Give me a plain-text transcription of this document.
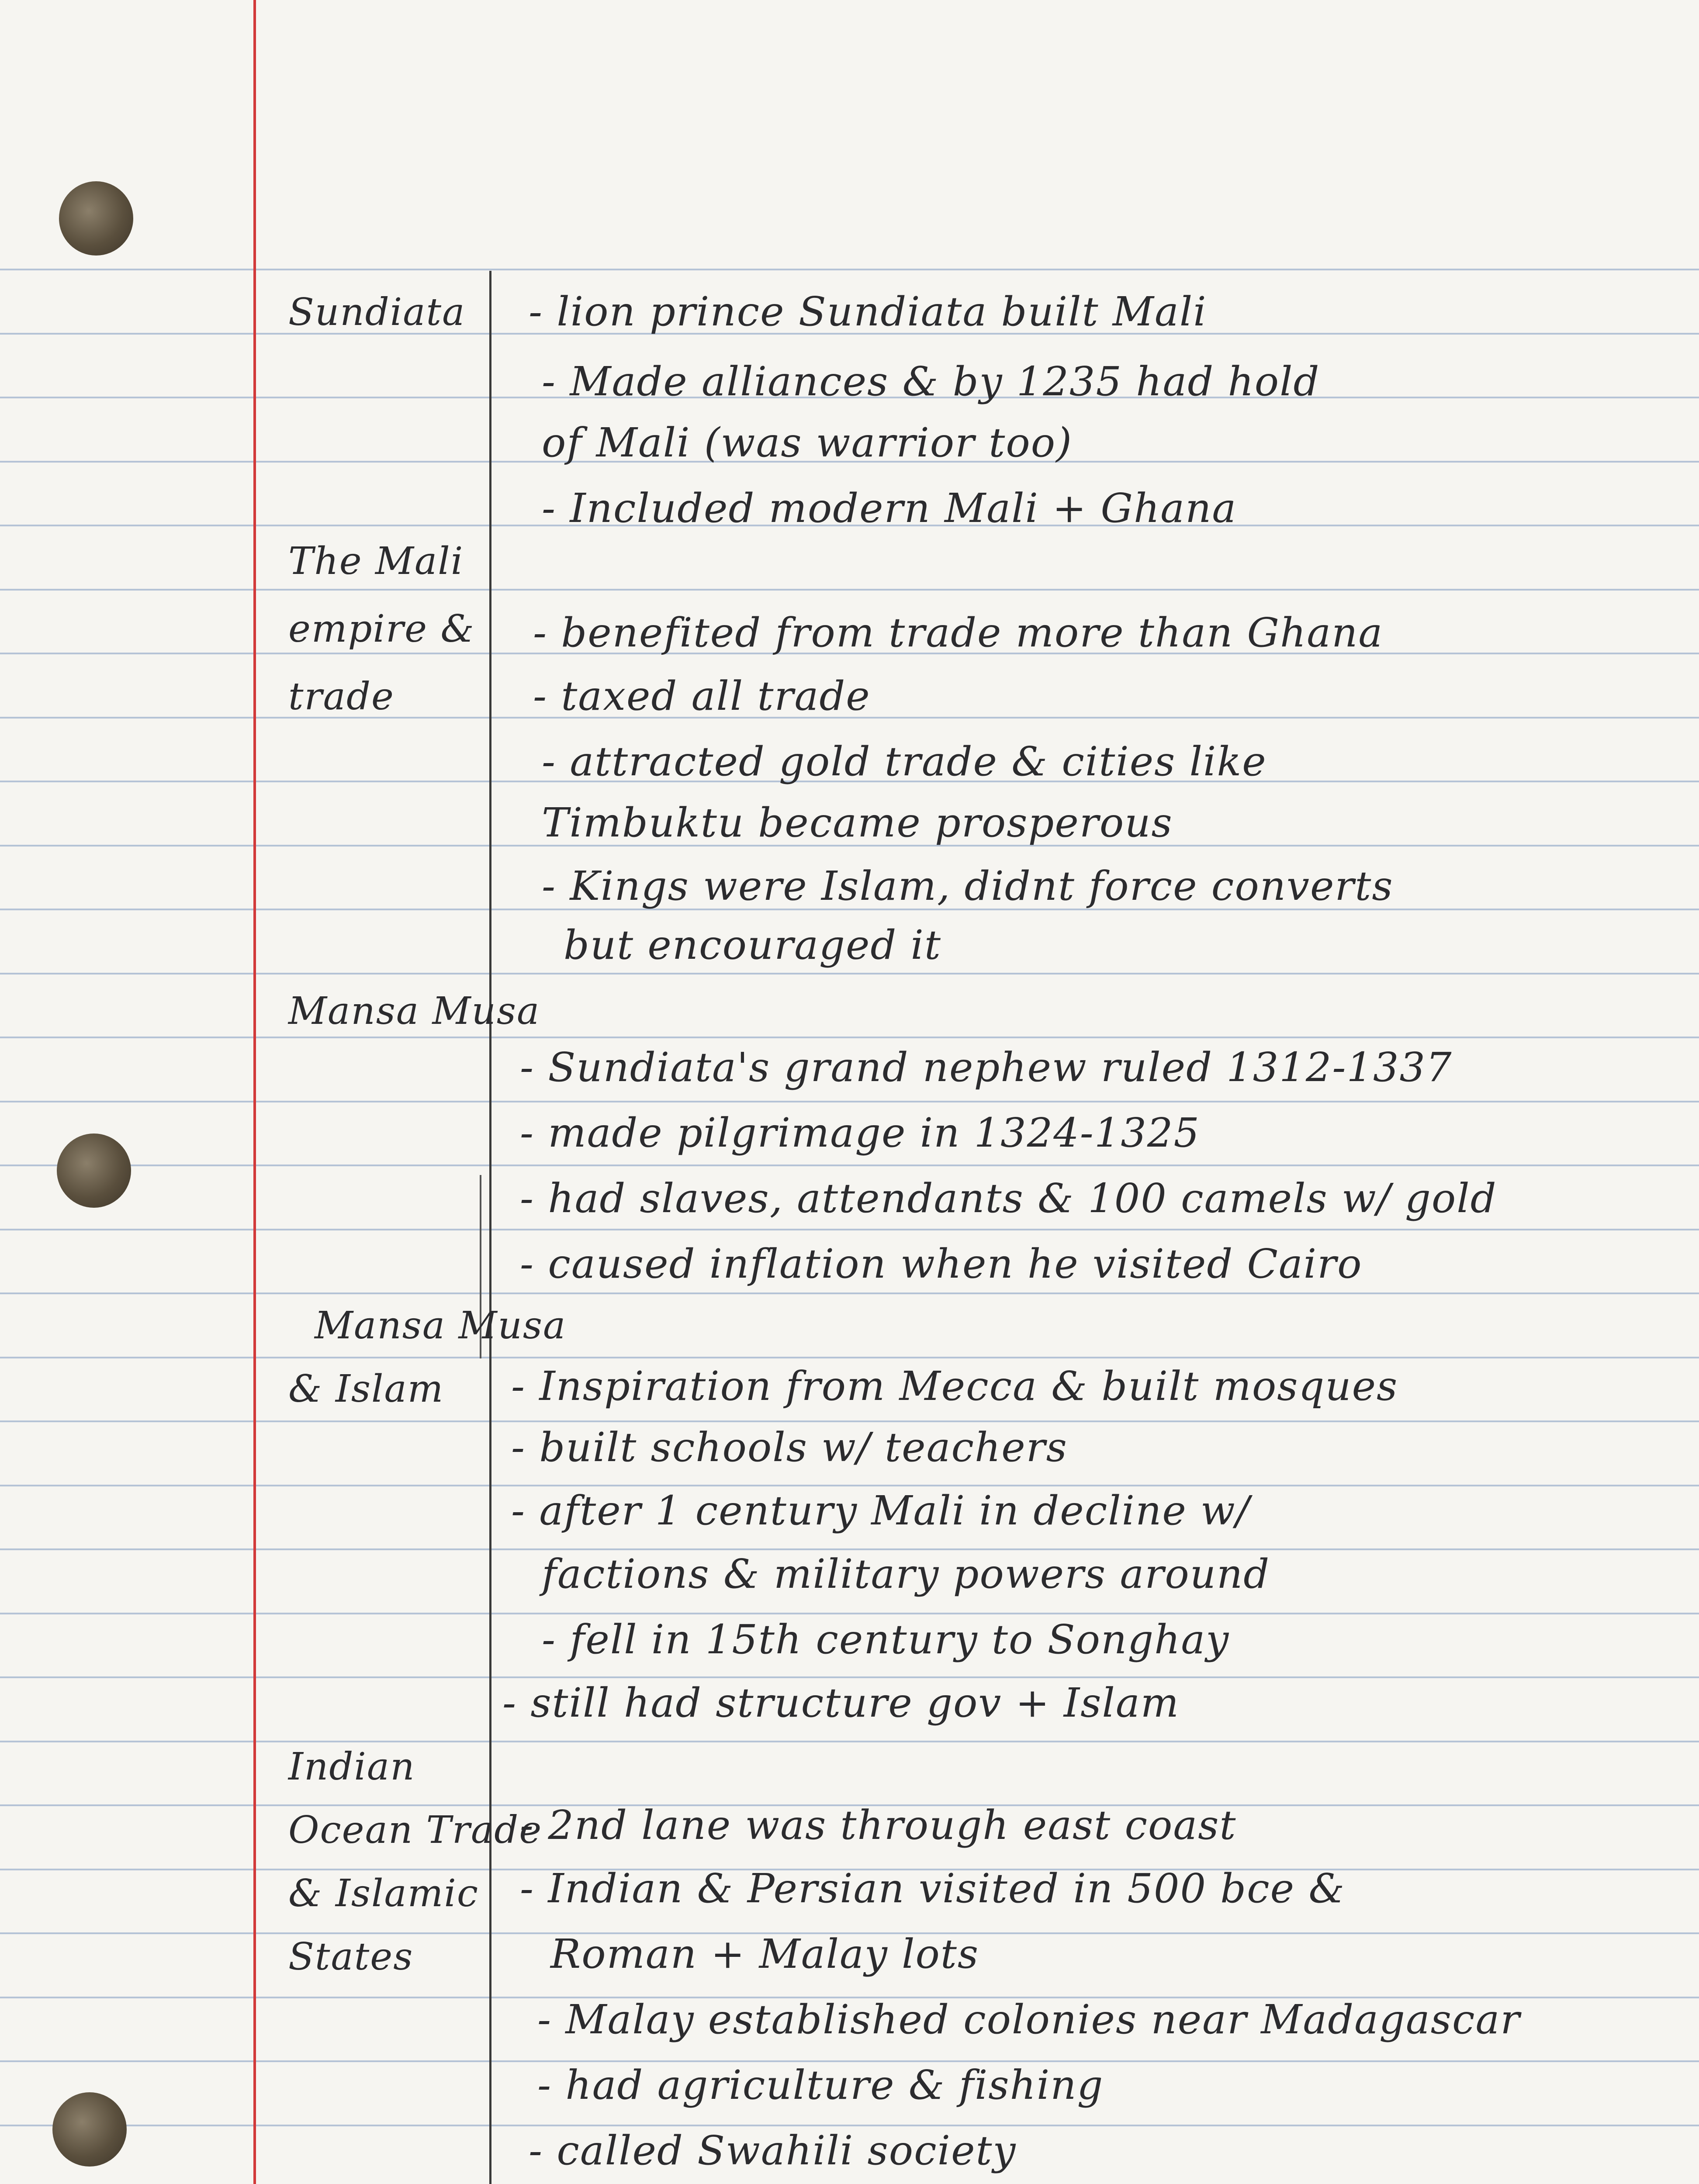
Sundiata - lion prince Sundiata built Mali
- Made alliances & by 1235 had hold
of Mali (was warrior too)
- Included modern Mali + Ghana
The Mali
empire &
trade
- benefited from trade more than Ghana
- taxed all trade
- attracted gold trade & cities like
Timbuktu became prosperous
- Kings were Islam, didnt force converts
but encouraged it
Mansa Musa
- Sundiata's grand nephew ruled 1312-1337
- made pilgrimage in 1324-1325
- had slaves, attendants & 100 camels w/ gold
- caused inflation when he visited Cairo
Mansa Musa
& Islam - Inspiration from Mecca & built mosques
- built schools w/ teachers
- after 1 century Mali in decline w/
factions & military powers around
- fell in 15th century to Songhay
- still had structure gov + Islam
Indian
Ocean Trade
& Islamic
States
- 2nd lane was through east coast
- Indian & Persian visited in 500 bce &
Roman + Malay lots
- Malay established colonies near Madagascar
- had agriculture & fishing
- called Swahili society
